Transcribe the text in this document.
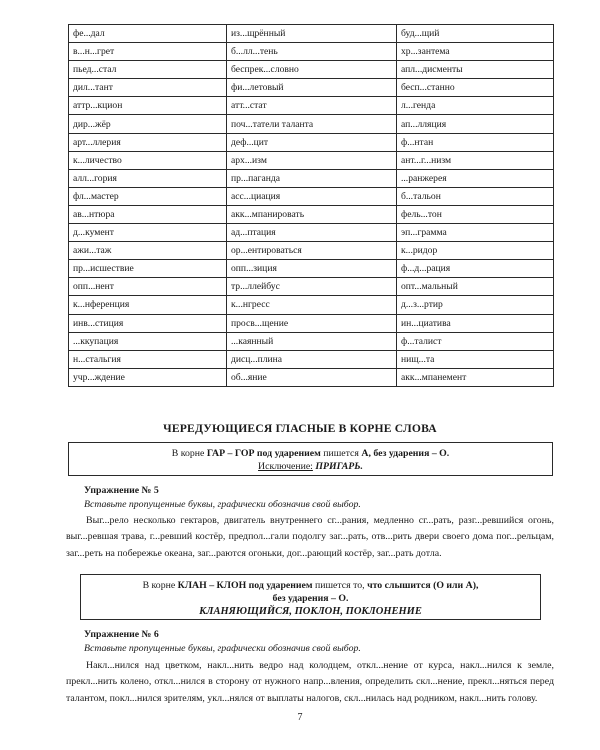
фе...дал	из...щрённый	буд...щий
в...н...грет	б...лл...тень	хр...зантема
пьед...стал	беспрек...словно	апл...дисменты
дил...тант	фи...летовый	бесп...станно
аттр...кцион	атт...стат	л...генда
дир...жёр	поч...татели таланта	ап...лляция
арт...ллерия	деф...цит	ф...нтан
к...личество	арх...изм	ант...г...низм
алл...гория	пр...паганда	...ранжерея
фл...мастер	асс...циация	б...тальон
ав...нтюра	акк...мпанировать	фель...тон
д...кумент	ад...птация	эп...грамма
ажи...таж	ор...ентироваться	к...ридор
пр...исшествие	опп...зиция	ф...д...рация
опп...нент	тр...ллейбус	опт...мальный
к...нференция	к...нгресс	д...з...ртир
инв...стиция	просв...щение	ин...циатива
...ккупация	...каянный	ф...талист
н...стальгия	дисц...плина	нищ...та
учр...ждение	об...яние	акк...мпанемент
ЧЕРЕДУЮЩИЕСЯ ГЛАСНЫЕ В КОРНЕ СЛОВА
В корне ГАР – ГОР под ударением пишется А, без ударения – О.
Исключение: ПРИГАРЬ.
Упражнение № 5
Вставьте пропущенные буквы, графически обозначив свой выбор.

Выг...рело несколько гектаров, двигатель внутреннего сг...рания, медленно сг...рать, разг...ревшийся огонь, выг...ревшая трава, г...ревший костёр, предпол...гали подолгу заг...рать, отв...рить двери своего дома пог...рельцам, заг...реть на побережье океана, заг...раются огоньки, дог...рающий костёр, заг...рать дотла.

В корне КЛАН – КЛОН под ударением пишется то, что слышится (О или А),
без ударения – О.
КЛАНЯЮЩИЙСЯ, ПОКЛОН, ПОКЛОНЕНИЕ
Упражнение № 6
Вставьте пропущенные буквы, графически обозначив свой выбор.

Накл...нился над цветком, накл...нить ведро над колодцем, откл...нение от курса, накл...нился к земле, прекл...нить колено, откл...нился в сторону от нужного напр...вления, определить скл...нение, прекл...няться перед талантом, покл...нился зрителям, укл...нялся от выплаты налогов, скл...нилась над родником, накл...нить голову.

7
